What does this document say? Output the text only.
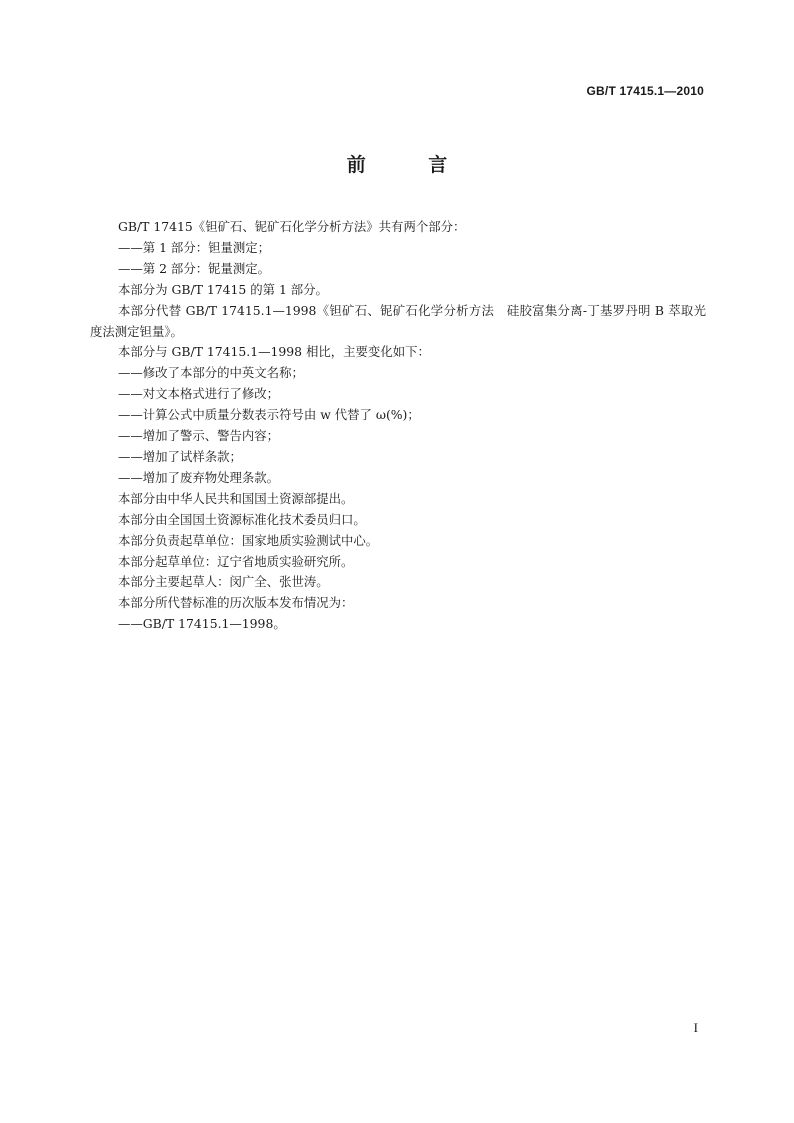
GB/T 17415.1—2010
前 言

GB/T 17415《钽矿石、铌矿石化学分析方法》共有两个部分：

——第 1 部分：钽量测定；

——第 2 部分：铌量测定。

本部分为 GB/T 17415 的第 1 部分。

本部分代替 GB/T 17415.1—1998《钽矿石、铌矿石化学分析方法　硅胶富集分离-丁基罗丹明 B 萃取光度法测定钽量》。

本部分与 GB/T 17415.1—1998 相比，主要变化如下：

——修改了本部分的中英文名称；

——对文本格式进行了修改；

——计算公式中质量分数表示符号由 w 代替了 ω(%)；

——增加了警示、警告内容；

——增加了试样条款；

——增加了废弃物处理条款。

本部分由中华人民共和国国土资源部提出。

本部分由全国国土资源标准化技术委员归口。

本部分负责起草单位：国家地质实验测试中心。

本部分起草单位：辽宁省地质实验研究所。

本部分主要起草人：闵广全、张世涛。

本部分所代替标准的历次版本发布情况为：

——GB/T 17415.1—1998。

I
